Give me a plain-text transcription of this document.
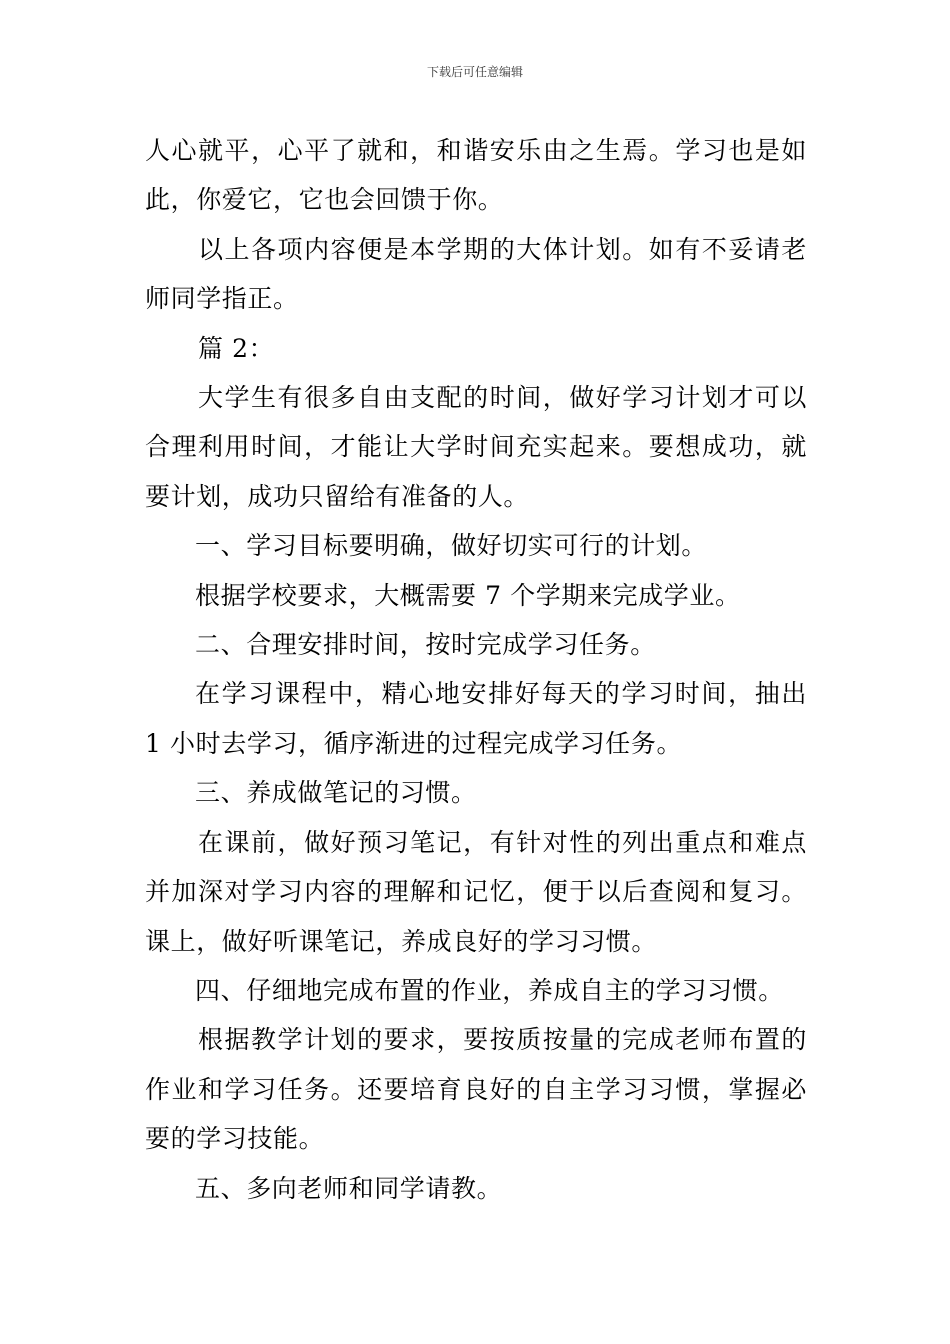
下载后可任意编辑

人心就平，心平了就和，和谐安乐由之生焉。学习也是如此，你爱它，它也会回馈于你。

以上各项内容便是本学期的大体计划。如有不妥请老师同学指正。

篇 2：

大学生有很多自由支配的时间，做好学习计划才可以合理利用时间，才能让大学时间充实起来。要想成功，就要计划，成功只留给有准备的人。

一、学习目标要明确，做好切实可行的计划。

根据学校要求，大概需要 7 个学期来完成学业。

二、合理安排时间，按时完成学习任务。

在学习课程中，精心地安排好每天的学习时间，抽出 1 小时去学习，循序渐进的过程完成学习任务。

三、养成做笔记的习惯。

在课前，做好预习笔记，有针对性的列出重点和难点并加深对学习内容的理解和记忆，便于以后查阅和复习。课上，做好听课笔记，养成良好的学习习惯。

四、仔细地完成布置的作业，养成自主的学习习惯。

根据教学计划的要求，要按质按量的完成老师布置的作业和学习任务。还要培育良好的自主学习习惯，掌握必要的学习技能。

五、多向老师和同学请教。
